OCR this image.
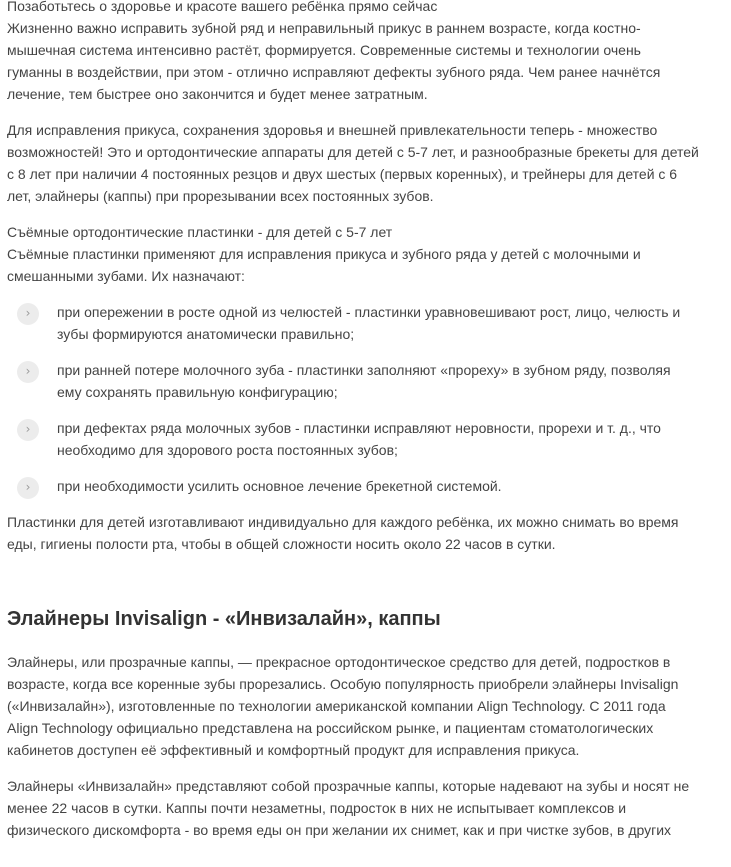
Позаботьтесь о здоровье и красоте вашего ребёнка прямо сейчас
Жизненно важно исправить зубной ряд и неправильный прикус в раннем возрасте, когда костно-
мышечная система интенсивно растёт, формируется. Современные системы и технологии очень
гуманны в воздействии, при этом - отлично исправляют дефекты зубного ряда. Чем ранее начнётся
лечение, тем быстрее оно закончится и будет менее затратным.

Для исправления прикуса, сохранения здоровья и внешней привлекательности теперь - множество
возможностей! Это и ортодонтические аппараты для детей с 5-7 лет, и разнообразные брекеты для детей
с 8 лет при наличии 4 постоянных резцов и двух шестых (первых коренных), и трейнеры для детей с 6
лет, элайнеры (каппы) при прорезывании всех постоянных зубов.

Съёмные ортодонтические пластинки - для детей с 5-7 лет
Съёмные пластинки применяют для исправления прикуса и зубного ряда у детей с молочными и
смешанными зубами. Их назначают:

›	при опережении в росте одной из челюстей - пластинки уравновешивают рост, лицо, челюсть и
зубы формируются анатомически правильно;
›	при ранней потере молочного зуба - пластинки заполняют «прореху» в зубном ряду, позволяя
ему сохранять правильную конфигурацию;
›	при дефектах ряда молочных зубов - пластинки исправляют неровности, прорехи и т. д., что
необходимо для здорового роста постоянных зубов;
›	при необходимости усилить основное лечение брекетной системой.

Пластинки для детей изготавливают индивидуально для каждого ребёнка, их можно снимать во время
еды, гигиены полости рта, чтобы в общей сложности носить около 22 часов в сутки.

Элайнеры Invisalign - «Инвизалайн», каппы

Элайнеры, или прозрачные каппы, — прекрасное ортодонтическое средство для детей, подростков в
возрасте, когда все коренные зубы прорезались. Особую популярность приобрели элайнеры Invisalign
(«Инвизалайн»), изготовленные по технологии американской компании Align Technology. С 2011 года
Align Technology официально представлена на российском рынке, и пациентам стоматологических
кабинетов доступен её эффективный и комфортный продукт для исправления прикуса.

Элайнеры «Инвизалайн» представляют собой прозрачные каппы, которые надевают на зубы и носят не
менее 22 часов в сутки. Каппы почти незаметны, подросток в них не испытывает комплексов и
физического дискомфорта - во время еды он при желании их снимет, как и при чистке зубов, в других
